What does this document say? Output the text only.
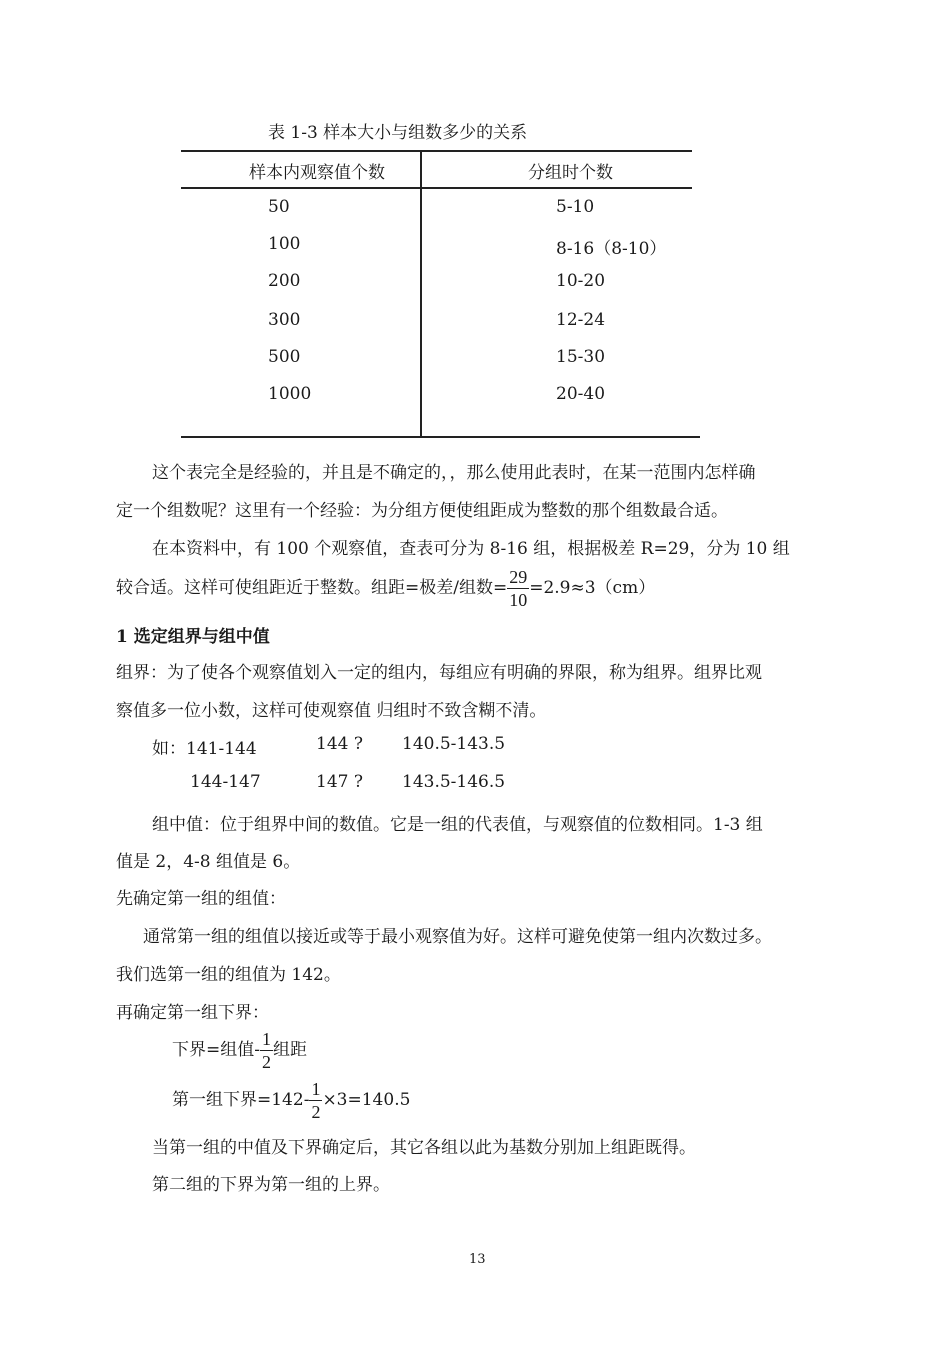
表 1-3 样本大小与组数多少的关系
样本内观察值个数	分组时个数
50	5-10
100	8-16（8-10）
200	10-20
300	12-24
500	15-30
1000	20-40
这个表完全是经验的，并且是不确定的，，那么使用此表时，在某一范围内怎样确
定一个组数呢？这里有一个经验：为分组方便使组距成为整数的那个组数最合适。
在本资料中，有 100 个观察值，查表可分为 8-16 组，根据极差 R=29，分为 10 组
较合适。这样可使组距近于整数。组距=极差/组数= $\frac{29}{10} =2.9\approx 3(cm)$
1 选定组界与组中值
组界：为了使各个观察值划入一定的组内，每组应有明确的界限，称为组界。组界比观
察值多一位小数，这样可使观察值 归组时不致含糊不清。
如：141-144	144 ? 140.5-143.5
144-147	147 ? 143.5-146.5
组中值：位于组界中间的数值。它是一组的代表值，与观察值的位数相同。1-3 组
值是 2，4-8 组值是 6。
先确定第一组的组值：
通常第一组的组值以接近或等于最小观察值为好。这样可避免使第一组内次数过多。
我们选第一组的组值为 142。
再确定第一组下界：
下界=组值- $\frac{1}{2}$ 组距
第一组下界$=142- \frac{1}{2} \times 3=140.5$
当第一组的中值及下界确定后，其它各组以此为基数分别加上组距既得。
第二组的下界为第一组的上界。
13
